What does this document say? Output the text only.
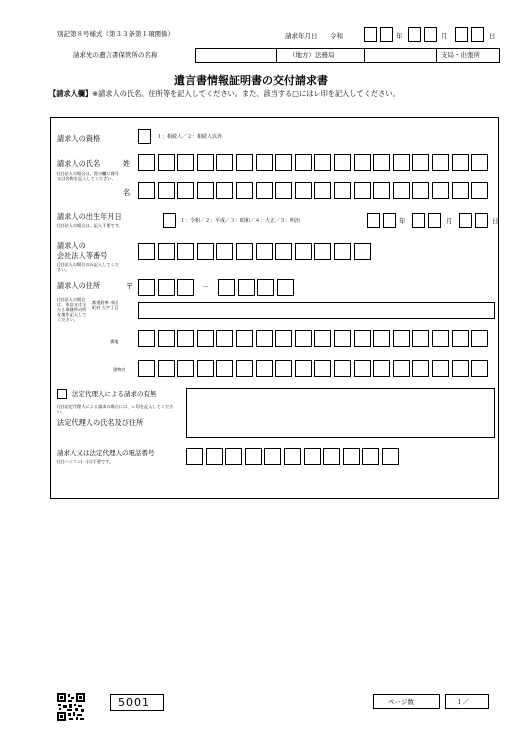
別記第８号様式（第３３条第１項関係）	請求年月日 令和	年	月	日
請求先の遺言書保管所の名称	（地方）法務局	支局・出張所
遺言書情報証明書の交付請求書
【請求人欄】※請求人の氏名、住所等を記入してください。また、該当する□にはレ印を記入してください。
請求人の資格	１：相続人／２：相続人以外
請求人の氏名
(注)法人の場合は、姓の欄に商号又は名称を記入してください。
姓
名
請求人の出生年月日
(注)法人の場合は、記入不要です。
１：令和／２：平成／３：昭和／４：大正／５：明治	年	月	日
請求人の
会社法人等番号
(注)法人の場合のみ記入してください。
請求人の住所	〒	－
(注)法人の場合は、本店又は主たる事務所の所在地を記入してください。
都道府県 市区町村 大字丁目
番地
建物名
法定代理人による請求の有無
(注)法定代理人による請求の場合には、レ印を記入してください。
法定代理人の氏名及び住所
請求人又は法定代理人の電話番号
(注)ハイフン(－)は不要です。
5001	ページ数	１／
